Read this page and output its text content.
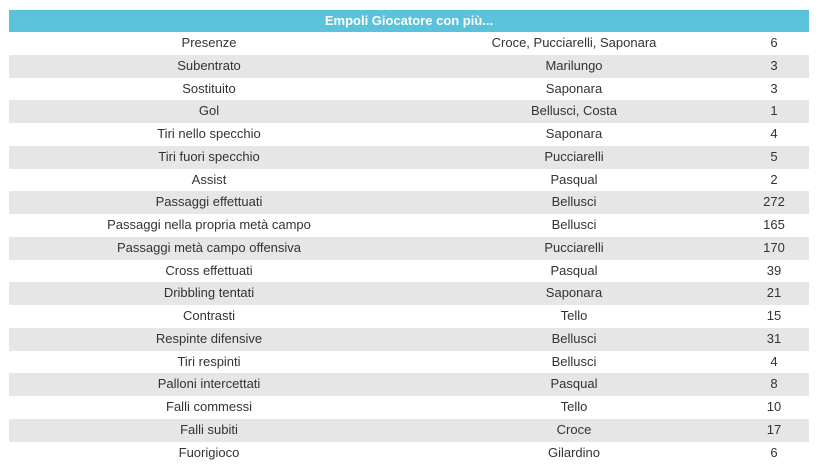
Empoli Giocatore con più...
Presenze	Croce, Pucciarelli, Saponara	6
Subentrato	Marilungo	3
Sostituito	Saponara	3
Gol	Bellusci, Costa	1
Tiri nello specchio	Saponara	4
Tiri fuori specchio	Pucciarelli	5
Assist	Pasqual	2
Passaggi effettuati	Bellusci	272
Passaggi nella propria metà campo	Bellusci	165
Passaggi metà campo offensiva	Pucciarelli	170
Cross effettuati	Pasqual	39
Dribbling tentati	Saponara	21
Contrasti	Tello	15
Respinte difensive	Bellusci	31
Tiri respinti	Bellusci	4
Palloni intercettati	Pasqual	8
Falli commessi	Tello	10
Falli subiti	Croce	17
Fuorigioco	Gilardino	6
